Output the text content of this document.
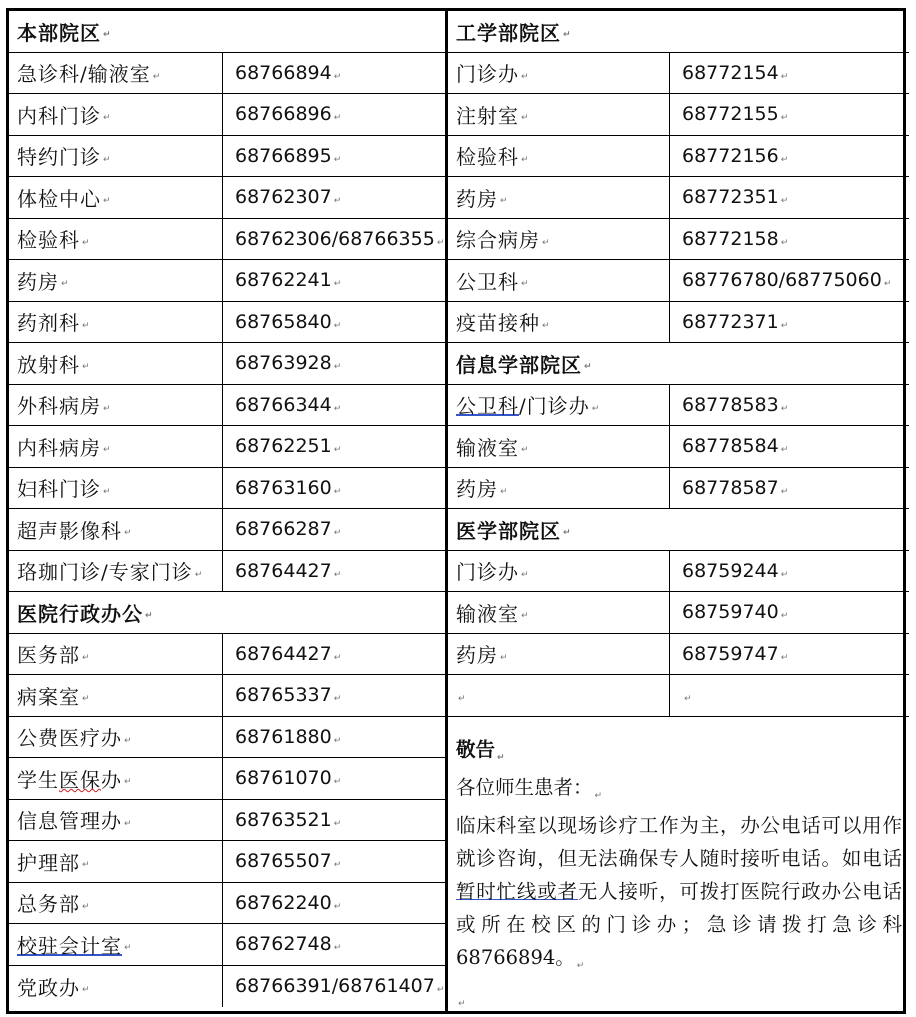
本部院区 ↵
急诊科/输液室 ↵	68766894 ↵
内科门诊 ↵	68766896 ↵
特约门诊 ↵	68766895 ↵
体检中心 ↵	68762307 ↵
检验科 ↵	68762306/68766355 ↵
药房 ↵	68762241 ↵
药剂科 ↵	68765840 ↵
放射科 ↵	68763928 ↵
外科病房 ↵	68766344 ↵
内科病房 ↵	68762251 ↵
妇科门诊 ↵	68763160 ↵
超声影像科 ↵	68766287 ↵
珞珈门诊/专家门诊 ↵ 68764427 ↵
医院行政办公 ↵
医务部 ↵	68764427 ↵
病案室 ↵	68765337 ↵
公费医疗办 ↵	68761880 ↵
学生医保办 ↵	68761070 ↵
信息管理办 ↵	68763521 ↵
护理部 ↵	68765507 ↵
总务部 ↵	68762240 ↵
校驻会计室 ↵	68762748 ↵
党政办 ↵	68766391/68761407 ↵
工学部院区 ↵
门诊办 ↵	68772154 ↵
注射室 ↵	68772155 ↵
检验科 ↵	68772156 ↵
药房 ↵	68772351 ↵
综合病房 ↵	68772158 ↵
公卫科 ↵	68776780/68775060 ↵
疫苗接种 ↵	68772371 ↵
信息学部院区 ↵
公卫科/门诊办 ↵	68778583 ↵
输液室 ↵	68778584 ↵
药房 ↵	68778587 ↵
医学部院区 ↵
门诊办 ↵	68759244 ↵
输液室 ↵	68759740 ↵
药房 ↵	68759747 ↵
↵	↵
敬告 $_↵$
各位师生患者： $_↵$
临床科室以现场诊疗工作为主，办公电话可以用作就诊咨询，但无法确保专人随时接听电话。如电话暂时忙线或者无人接听，可拨打医院行政办公电话或所在校区的门诊办；急诊请拨打急诊科 68766894。 $_↵$
$_↵$
